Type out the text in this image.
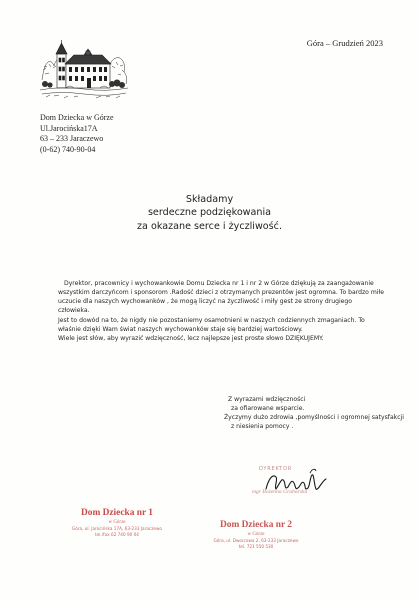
Góra – Grudzień 2023
Dom Dziecka w Górze
Ul.Jarocińska17A
63 – 233 Jaraczewo
(0-62) 740-90-04
Składamy
serdeczne podziękowania
za okazane serce i życzliwość.

Dyrektor, pracownicy i wychowankowie Domu Dziecka nr 1 i nr 2 w Górze dziękują za zaangażowanie wszystkim darczyńcom i sponsorom .Radość dzieci z otrzymanych prezentów jest ogromna. To bardzo miłe uczucie dla naszych wychowanków , że mogą liczyć na życzliwość i miły gest ze strony drugiego człowieka.

Jest to dowód na to, że nigdy nie pozostaniemy osamotnieni w naszych codziennych zmaganiach. To właśnie dzięki Wam świat naszych wychowanków staje się bardziej wartościowy.

Wiele jest słów, aby wyrazić wdzięczność, lecz najlepsze jest proste słowo DZIĘKUJEMY.

Z wyrazami wdzięczności
za ofiarowane wsparcie.
Życzymy dużo zdrowia ,pomyślności i ogromnej satysfakcji
z niesienia pomocy .
DYREKTOR
mgr Bożenna Grabarska
Dom Dziecka nr 1
w Górze
Góra, ul. Jarocińska 17A, 63-233 Jaraczewo
tel./fax 62 740 90 04
Dom Dziecka nr 2
w Górze
Góra, ul. Dworcowa 2, 63-233 Jaraczewo
tel. 721 550 530
